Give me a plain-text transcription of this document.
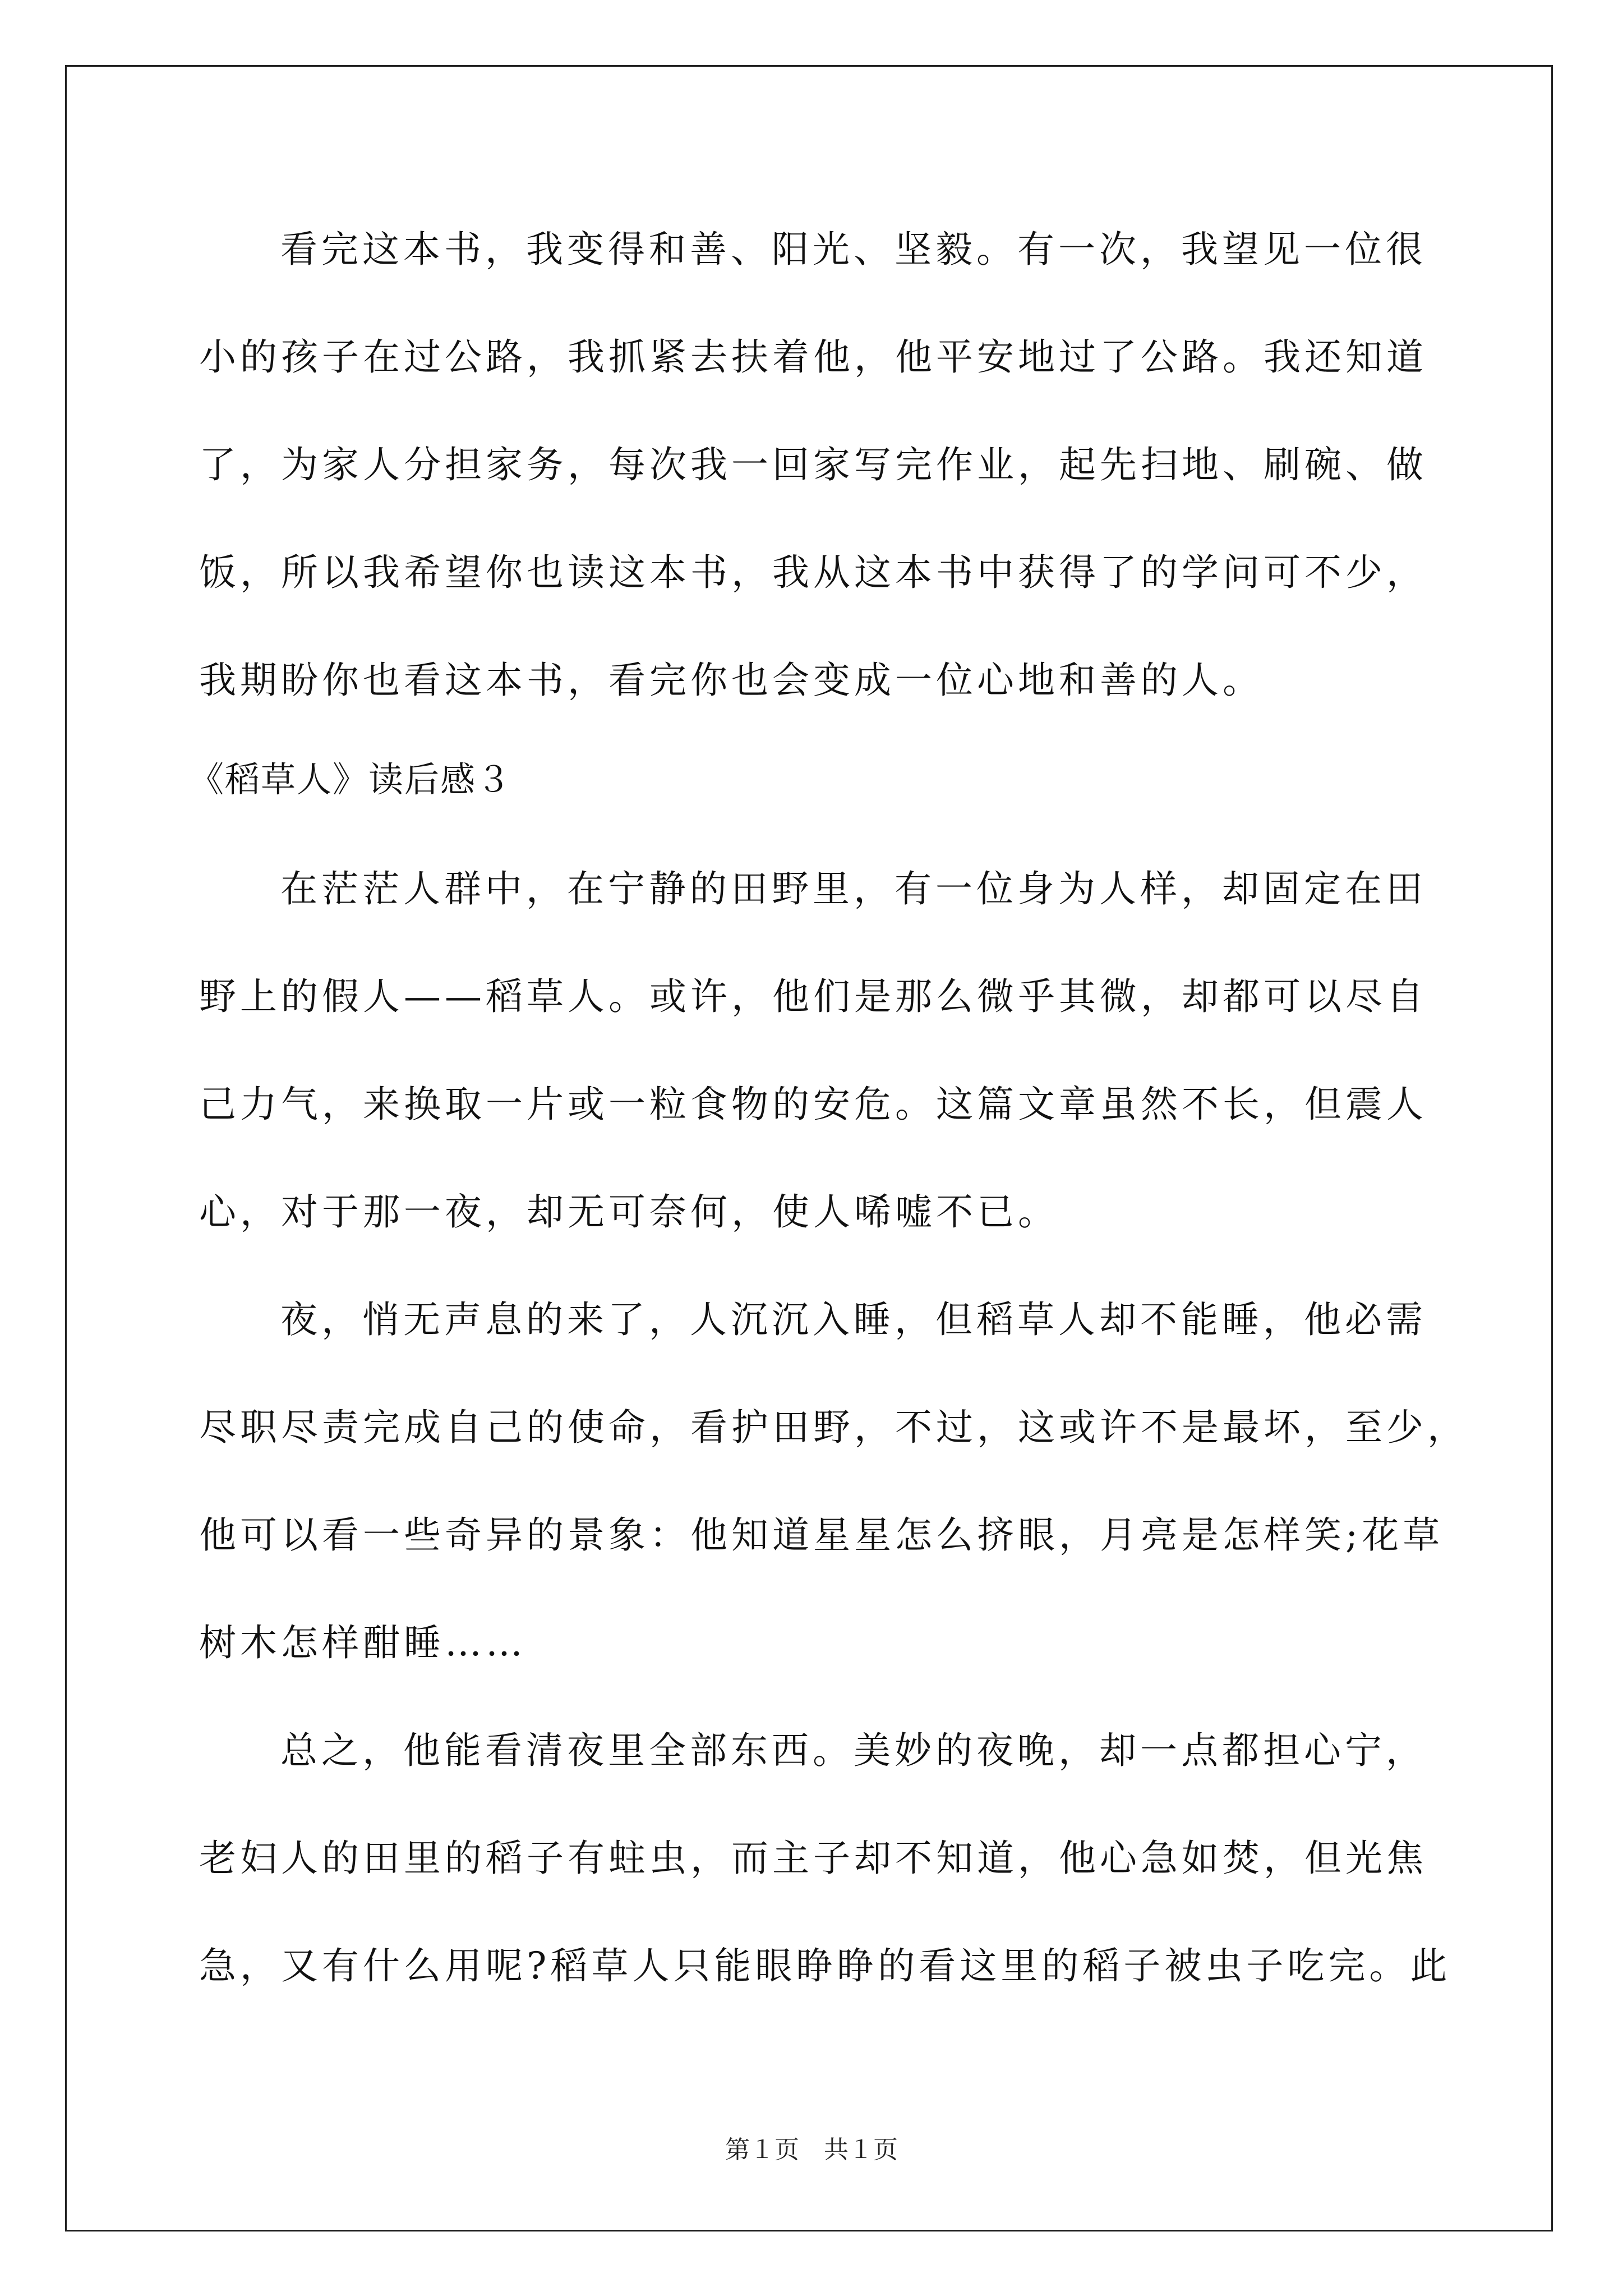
看完这本书，我变得和善、阳光、坚毅。有一次，我望见一位很
小的孩子在过公路，我抓紧去扶着他，他平安地过了公路。我还知道
了，为家人分担家务，每次我一回家写完作业，起先扫地、刷碗、做
饭，所以我希望你也读这本书，我从这本书中获得了的学问可不少，
我期盼你也看这本书，看完你也会变成一位心地和善的人。
《稻草人》读后感３
在茫茫人群中，在宁静的田野里，有一位身为人样，却固定在田
野上的假人——稻草人。或许，他们是那么微乎其微，却都可以尽自
己力气，来换取一片或一粒食物的安危。这篇文章虽然不长，但震人
心，对于那一夜，却无可奈何，使人唏嘘不已。
夜，悄无声息的来了，人沉沉入睡，但稻草人却不能睡，他必需
尽职尽责完成自己的使命，看护田野，不过，这或许不是最坏，至少，
他可以看一些奇异的景象：他知道星星怎么挤眼，月亮是怎样笑;花草
树木怎样酣睡……
总之，他能看清夜里全部东西。美妙的夜晚，却一点都担心宁，
老妇人的田里的稻子有蛀虫，而主子却不知道，他心急如焚，但光焦
急，又有什么用呢?稻草人只能眼睁睁的看这里的稻子被虫子吃完。此
第１页　共１页
